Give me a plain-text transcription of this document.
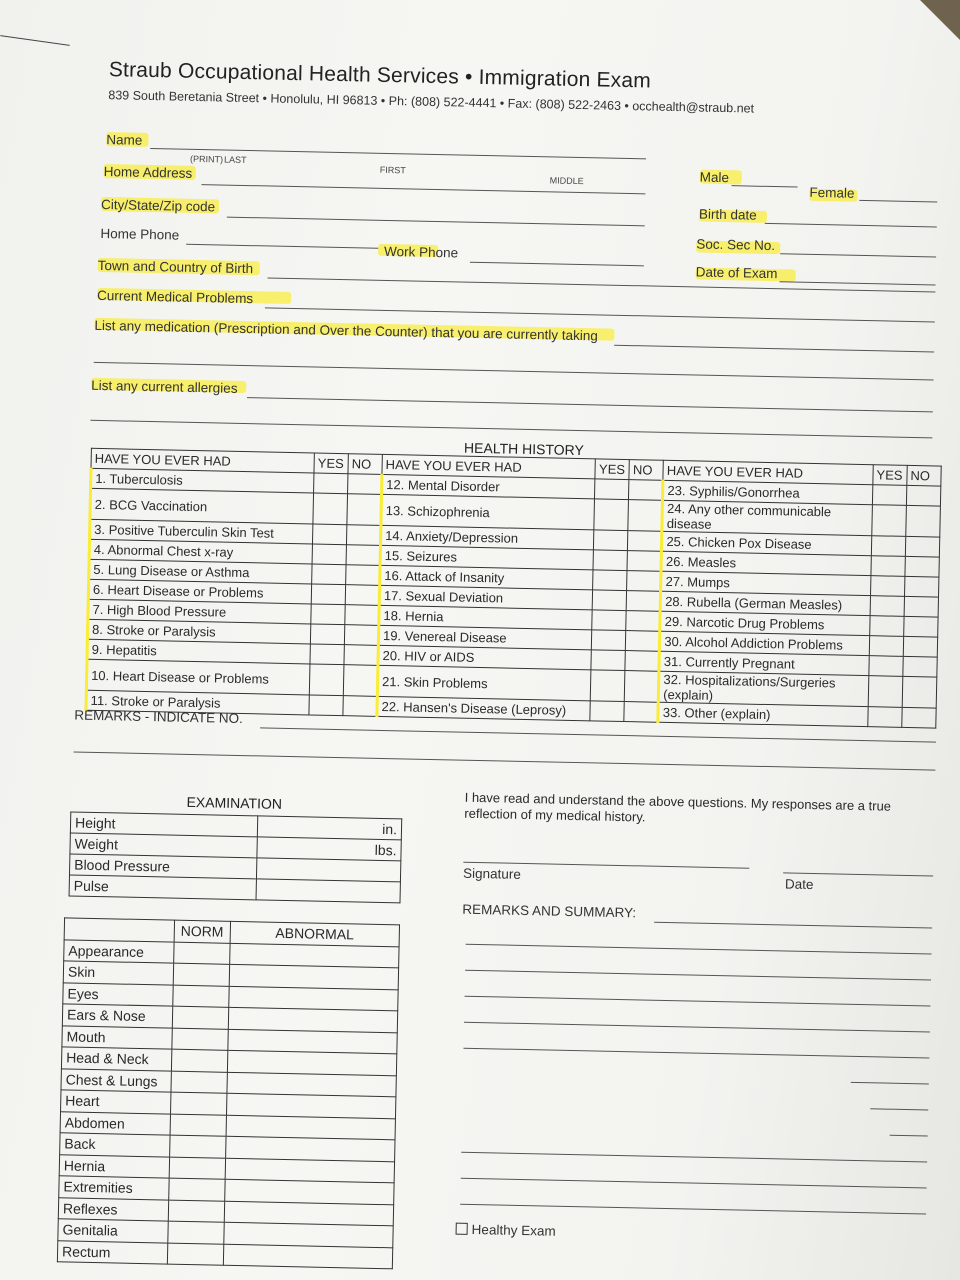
Straub Occupational Health Services • Immigration Exam
839 South Beretania Street • Honolulu, HI 96813 • Ph: (808) 522-4441 • Fax: (808) 522-2463 • occhealth@straub.net
Name
(PRINT) LAST
FIRST
MIDDLE
Home Address
City/State/Zip code
Home Phone
Work Phone
Town and Country of Birth
Current Medical Problems
List any medication (Prescription and Over the Counter) that you are currently taking
List any current allergies
Male
Female
Birth date
Soc. Sec No.
Date of Exam
HEALTH HISTORY
HAVE YOU EVER HAD	YES	NO	HAVE YOU EVER HAD	YES	NO	HAVE YOU EVER HAD	YES	NO
1. Tuberculosis			12. Mental Disorder			23. Syphilis/Gonorrhea		
2. BCG Vaccination			13. Schizophrenia			24. Any other communicable disease		
3. Positive Tuberculin Skin Test			14. Anxiety/Depression			25. Chicken Pox Disease		
4. Abnormal Chest x-ray			15. Seizures			26. Measles		
5. Lung Disease or Asthma			16. Attack of Insanity			27. Mumps		
6. Heart Disease or Problems			17. Sexual Deviation			28. Rubella (German Measles)		
7. High Blood Pressure			18. Hernia			29. Narcotic Drug Problems		
8. Stroke or Paralysis			19. Venereal Disease			30. Alcohol Addiction Problems		
9. Hepatitis			20. HIV or AIDS			31. Currently Pregnant		
10. Heart Disease or Problems			21. Skin Problems			32. Hospitalizations/Surgeries (explain)		
11. Stroke or Paralysis			22. Hansen's Disease (Leprosy)			33. Other (explain)		
REMARKS - INDICATE NO.
EXAMINATION
Height	in.
Weight	lbs.
Blood Pressure	
Pulse	
	NORM	ABNORMAL
Appearance		
Skin		
Eyes		
Ears & Nose		
Mouth		
Head & Neck		
Chest & Lungs		
Heart		
Abdomen		
Back		
Hernia		
Extremities		
Reflexes		
Genitalia		
Rectum		
I have read and understand the above questions. My responses are a true reflection of my medical history.
Signature
Date
REMARKS AND SUMMARY:
Healthy Exam
